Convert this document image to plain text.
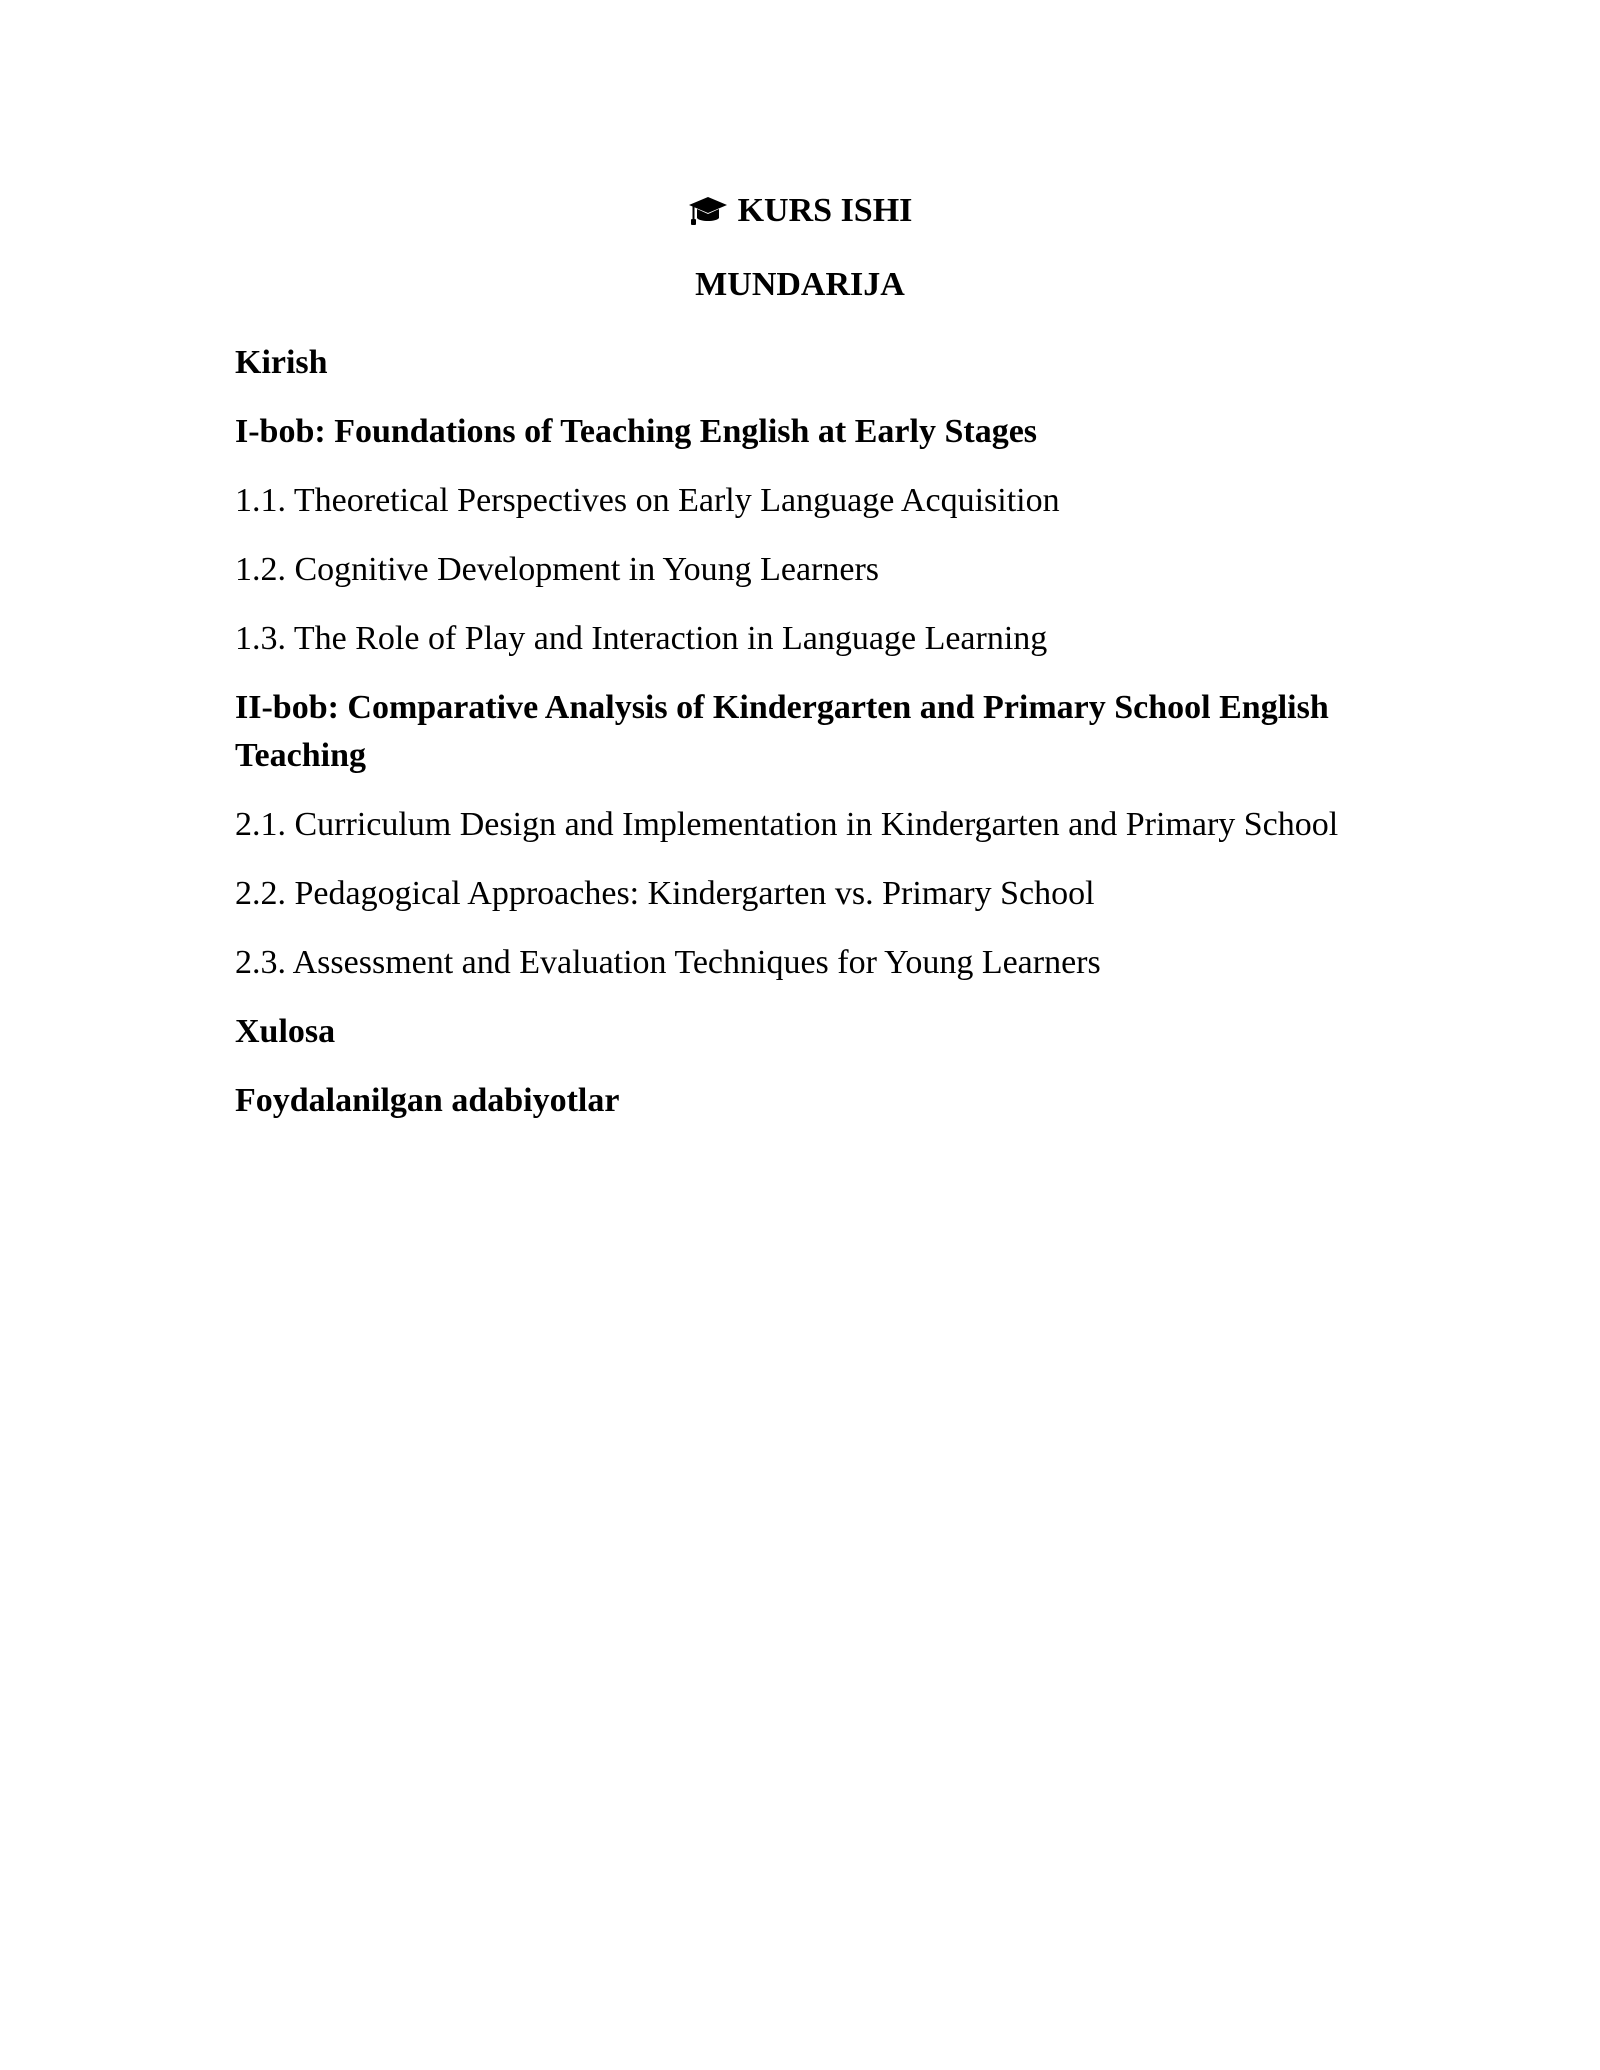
KURS ISHI
MUNDARIJA
Kirish
I-bob: Foundations of Teaching English at Early Stages
1.1. Theoretical Perspectives on Early Language Acquisition
1.2. Cognitive Development in Young Learners
1.3. The Role of Play and Interaction in Language Learning
II-bob: Comparative Analysis of Kindergarten and Primary School English Teaching
2.1. Curriculum Design and Implementation in Kindergarten and Primary School
2.2. Pedagogical Approaches: Kindergarten vs. Primary School
2.3. Assessment and Evaluation Techniques for Young Learners
Xulosa
Foydalanilgan adabiyotlar
